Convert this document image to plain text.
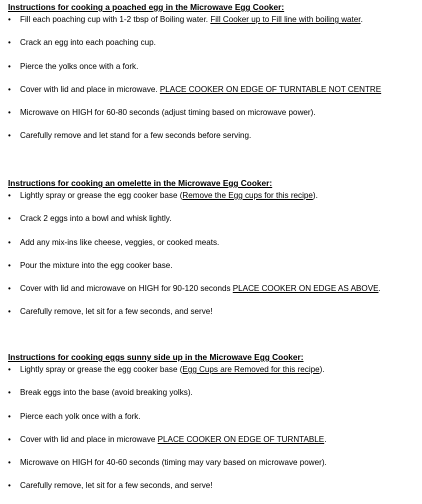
Instructions for cooking a poached egg in the Microwave Egg Cooker:
• Fill each poaching cup with 1-2 tbsp of Boiling water. Fill Cooker up to Fill line with boiling water.
• Crack an egg into each poaching cup.
• Pierce the yolks once with a fork.
• Cover with lid and place in microwave. PLACE COOKER ON EDGE OF TURNTABLE NOT CENTRE
• Microwave on HIGH for 60-80 seconds (adjust timing based on microwave power).
• Carefully remove and let stand for a few seconds before serving.
Instructions for cooking an omelette in the Microwave Egg Cooker:
• Lightly spray or grease the egg cooker base (Remove the Egg cups for this recipe).
• Crack 2 eggs into a bowl and whisk lightly.
• Add any mix-ins like cheese, veggies, or cooked meats.
• Pour the mixture into the egg cooker base.
• Cover with lid and microwave on HIGH for 90-120 seconds PLACE COOKER ON EDGE AS ABOVE.
• Carefully remove, let sit for a few seconds, and serve!
Instructions for cooking eggs sunny side up in the Microwave Egg Cooker:
• Lightly spray or grease the egg cooker base (Egg Cups are Removed for this recipe).
• Break eggs into the base (avoid breaking yolks).
• Pierce each yolk once with a fork.
• Cover with lid and place in microwave PLACE COOKER ON EDGE OF TURNTABLE.
• Microwave on HIGH for 40-60 seconds (timing may vary based on microwave power).
• Carefully remove, let sit for a few seconds, and serve!
